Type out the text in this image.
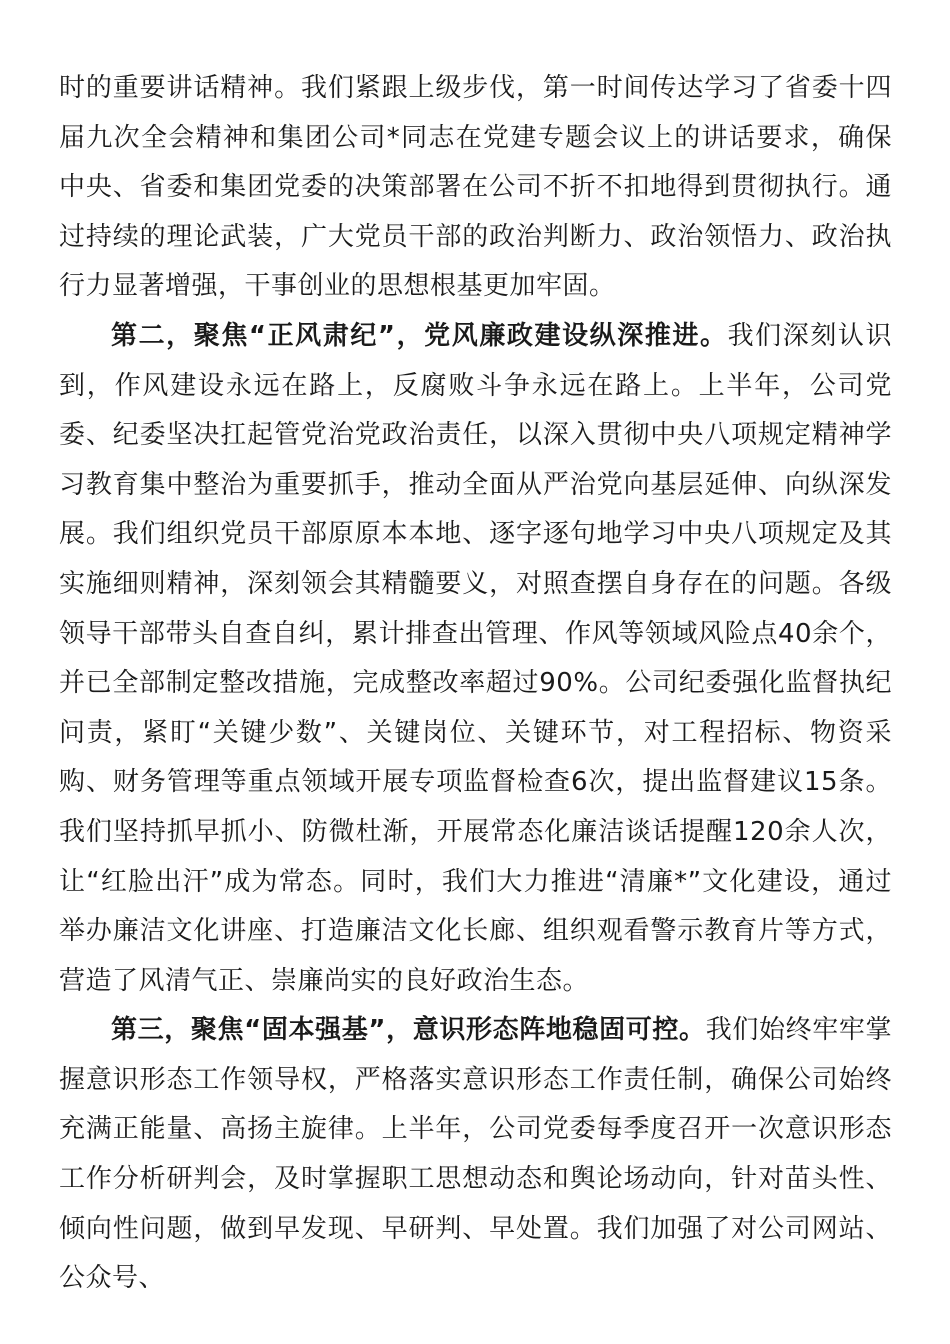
时的重要讲话精神。我们紧跟上级步伐，第一时间传达学习了省委十四届九次全会精神和集团公司*同志在党建专题会议上的讲话要求，确保中央、省委和集团党委的决策部署在公司不折不扣地得到贯彻执行。通过持续的理论武装，广大党员干部的政治判断力、政治领悟力、政治执行力显著增强，干事创业的思想根基更加牢固。

第二，聚焦“正风肃纪”，党风廉政建设纵深推进。我们深刻认识到，作风建设永远在路上，反腐败斗争永远在路上。上半年，公司党委、纪委坚决扛起管党治党政治责任，以深入贯彻中央八项规定精神学习教育集中整治为重要抓手，推动全面从严治党向基层延伸、向纵深发展。我们组织党员干部原原本本地、逐字逐句地学习中央八项规定及其实施细则精神，深刻领会其精髓要义，对照查摆自身存在的问题。各级领导干部带头自查自纠，累计排查出管理、作风等领域风险点40余个，并已全部制定整改措施，完成整改率超过90%。公司纪委强化监督执纪问责，紧盯“关键少数”、关键岗位、关键环节，对工程招标、物资采购、财务管理等重点领域开展专项监督检查6次，提出监督建议15条。我们坚持抓早抓小、防微杜渐，开展常态化廉洁谈话提醒120余人次，让“红脸出汗”成为常态。同时，我们大力推进“清廉*”文化建设，通过举办廉洁文化讲座、打造廉洁文化长廊、组织观看警示教育片等方式，营造了风清气正、崇廉尚实的良好政治生态。

第三，聚焦“固本强基”，意识形态阵地稳固可控。我们始终牢牢掌握意识形态工作领导权，严格落实意识形态工作责任制，确保公司始终充满正能量、高扬主旋律。上半年，公司党委每季度召开一次意识形态工作分析研判会，及时掌握职工思想动态和舆论场动向，针对苗头性、倾向性问题，做到早发现、早研判、早处置。我们加强了对公司网站、公众号、
